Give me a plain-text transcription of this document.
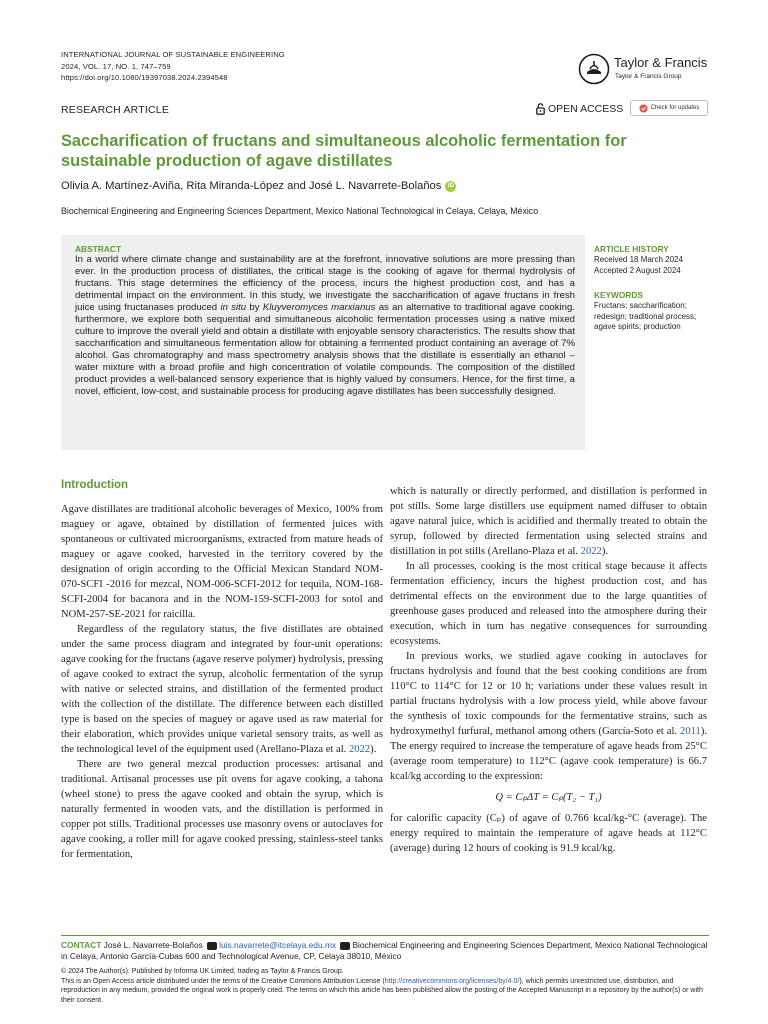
INTERNATIONAL JOURNAL OF SUSTAINABLE ENGINEERING
2024, VOL. 17, NO. 1, 747–759
https://doi.org/10.1080/19397038.2024.2394548
Taylor & Francis
Taylor & Francis Group
RESEARCH ARTICLE	OPEN ACCESS	Check for updates
Saccharification of fructans and simultaneous alcoholic fermentation for sustainable production of agave distillates
Olivia A. Martínez-Aviña, Rita Miranda-López and José L. Navarrete-Bolaños	iD
Biochemical Engineering and Engineering Sciences Department, Mexico National Technological in Celaya, Celaya, México
ABSTRACT
In a world where climate change and sustainability are at the forefront, innovative solutions are more pressing than ever. In the production process of distillates, the critical stage is the cooking of agave for thermal hydrolysis of fructans. This stage determines the efficiency of the process, incurs the highest production cost, and has a detrimental impact on the environment. In this study, we investigate the saccharification of agave fructans in fresh juice using fructanases produced in situ by Kluyveromyces marxianus as an alternative to traditional agave cooking. furthermore, we explore both sequential and simultaneous alcoholic fermentation processes using a native mixed culture to improve the overall yield and obtain a distillate with enjoyable sensory characteristics. The results show that saccharification and simultaneous fermentation allow for obtaining a fermented product containing an average of 7% alcohol. Gas chromatography and mass spectrometry analysis shows that the distillate is essentially an ethanol – water mixture with a broad profile and high concentration of volatile compounds. The composition of the distilled product provides a well-balanced sensory experience that is highly valued by consumers. Hence, for the first time, a novel, efficient, low-cost, and sustainable process for producing agave distillates has been successfully designed.
ARTICLE HISTORY
Received 18 March 2024
Accepted 2 August 2024
KEYWORDS
Fructans; saccharification; redesign; traditional process; agave spirits; production
Introduction

Agave distillates are traditional alcoholic beverages of Mexico, 100% from maguey or agave, obtained by distillation of fermented juices with spontaneous or cultivated microorganisms, extracted from mature heads of maguey or agave cooked, harvested in the territory covered by the designation of origin according to the Official Mexican Standard NOM-070-SCFI -2016 for mezcal, NOM-006-SCFI-2012 for tequila, NOM-168-SCFI-2004 for bacanora and in the NOM-159-SCFI-2003 for sotol and NOM-257-SE-2021 for raicilla.

Regardless of the regulatory status, the five distillates are obtained under the same process diagram and integrated by four-unit operations: agave cooking for the fructans (agave reserve polymer) hydrolysis, pressing of agave cooked to extract the syrup, alcoholic fermentation of the syrup with native or selected strains, and distillation of the fermented product with the collection of the distillate. The difference between each distilled type is based on the species of maguey or agave used as raw material for their elaboration, which provides unique varietal sensory traits, as well as the technological level of the equipment used (Arellano-Plaza et al. 2022).

There are two general mezcal production processes: artisanal and traditional. Artisanal processes use pit ovens for agave cooking, a tahona (wheel stone) to press the agave cooked and obtain the syrup, which is naturally fermented in wooden vats, and the distillation is performed in copper pot stills. Traditional processes use masonry ovens or autoclaves for agave cooking, a roller mill for agave cooked pressing, stainless-steel tanks for fermentation,

which is naturally or directly performed, and distillation is performed in pot stills. Some large distillers use equipment named diffuser to obtain agave natural juice, which is acidified and thermally treated to obtain the syrup, followed by directed fermentation using selected strains and distillation in pot stills (Arellano-Plaza et al. 2022).

In all processes, cooking is the most critical stage because it affects fermentation efficiency, incurs the highest production cost, and has detrimental effects on the environment due to the large quantities of greenhouse gases produced and released into the atmosphere during their execution, which in turn has negative consequences for surrounding ecosystems.

In previous works, we studied agave cooking in autoclaves for fructans hydrolysis and found that the best cooking conditions are from 110°C to 114°C for 12 or 10 h; variations under these values result in partial fructans hydrolysis with a low process yield, while above favour the synthesis of toxic compounds for the fermentative strains, such as hydroxymethyl furfural, methanol among others (García-Soto et al. 2011). The energy required to increase the temperature of agave heads from 25°C (average room temperature) to 112°C (agave cook temperature) is 66.7 kcal/kg according to the expression:

Q = CₚΔT = Cₚ(T₂ − T₁)

for calorific capacity (Cₚ) of agave of 0.766 kcal/kg-°C (average). The energy required to maintain the temperature of agave heads at 112°C (average) during 12 hours of cooking is 91.9 kcal/kg.

CONTACT José L. Navarrete-Bolaños luis.navarrete@itcelaya.edu.mx Biochemical Engineering and Engineering Sciences Department, Mexico National Technological in Celaya, Antonio García-Cubas 600 and Technological Avenue, CP, Celaya 38010, México
© 2024 The Author(s). Published by Informa UK Limited, trading as Taylor & Francis Group.
This is an Open Access article distributed under the terms of the Creative Commons Attribution License (http://creativecommons.org/licenses/by/4.0/), which permits unrestricted use, distribution, and reproduction in any medium, provided the original work is properly cited. The terms on which this article has been published allow the posting of the Accepted Manuscript in a repository by the author(s) or with their consent.
